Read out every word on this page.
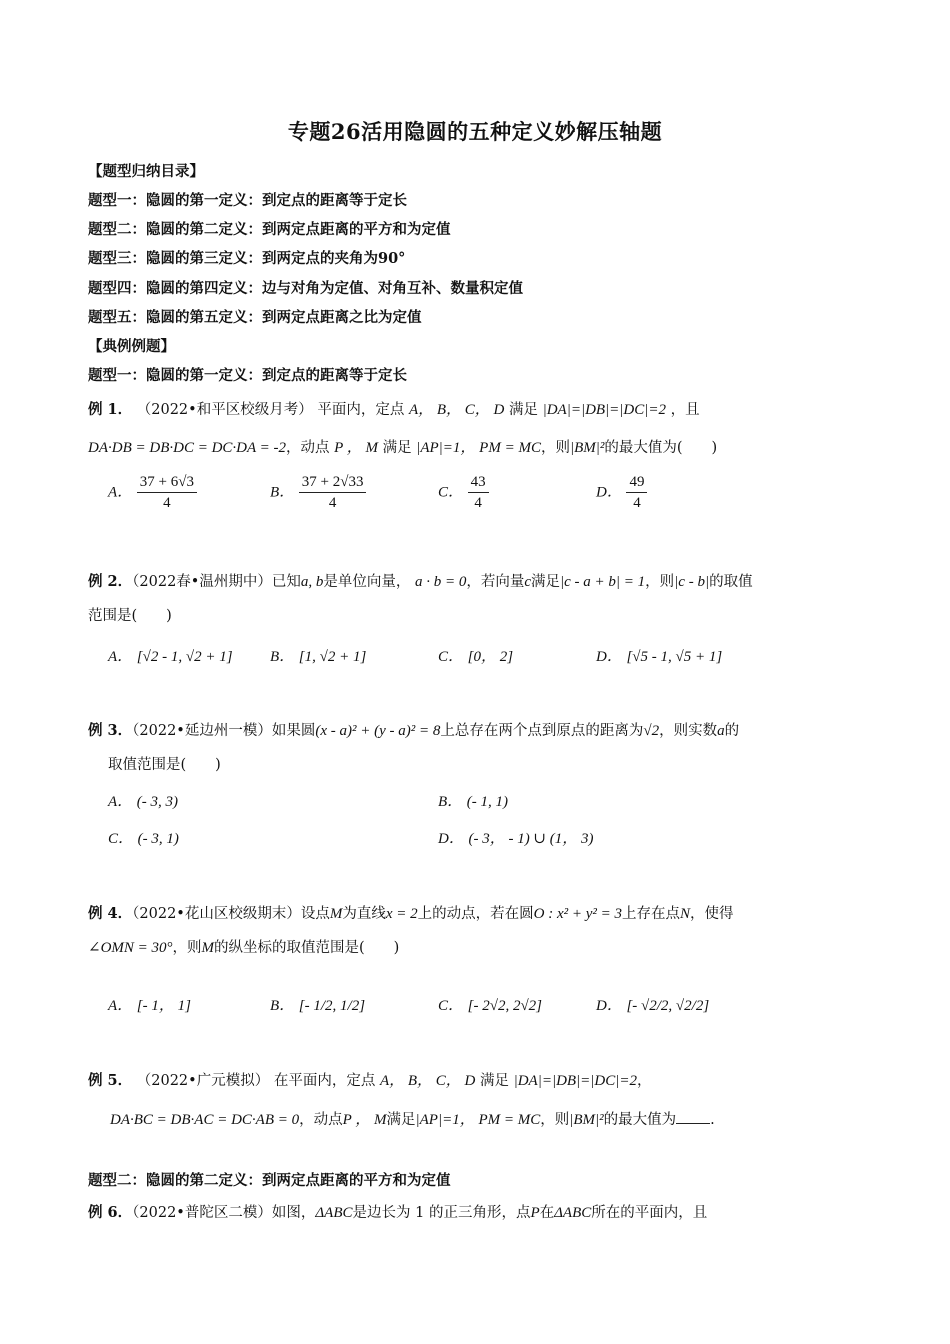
专题26活用隐圆的五种定义妙解压轴题
【题型归纳目录】
题型一：隐圆的第一定义：到定点的距离等于定长
题型二：隐圆的第二定义：到两定点距离的平方和为定值
题型三：隐圆的第三定义：到两定点的夹角为90°
题型四：隐圆的第四定义：边与对角为定值、对角互补、数量积定值
题型五：隐圆的第五定义：到两定点距离之比为定值
【典例例题】
题型一：隐圆的第一定义：到定点的距离等于定长
例 1． （2022•和平区校级月考） 平面内，定点 A， B， C， D 满足 |DA|=|DB|=|DC|=2 ，且
DA·DB = DB·DC = DC·DA = -2，动点 P ， M 满足 |AP|=1， PM = MC，则|BM|²的最大值为(　　)
A． $\frac{37 + 6√3}{4}$	B． $\frac{37 + 2√33}{4}$	C． $\frac{43}{4}$	D． $\frac{49}{4}$
例 2．（2022春•温州期中）已知a, b是单位向量， a · b = 0，若向量c满足|c - a + b| = 1，则|c - b|的取值
范围是(　　)
A． [√2 - 1, √2 + 1] B． [1, √2 + 1]	C． [0， 2]	D． [√5 - 1, √5 + 1]
例 3．（2022•延边州一模）如果圆(x - a)² + (y - a)² = 8上总存在两个点到原点的距离为√2，则实数a的
取值范围是(　　)
A． (- 3, 3)	B． (- 1, 1)
C． (- 3, 1)	D． (- 3， - 1) ∪ (1， 3)
例 4．（2022•花山区校级期末）设点M为直线x = 2上的动点，若在圆O : x² + y² = 3上存在点N，使得
∠OMN = 30°，则M的纵坐标的取值范围是(　　)
A． [- 1， 1]	B． [- 1/2, 1/2]	C． [- 2√2, 2√2]	D． [- √2/2, √2/2]
例 5． （2022•广元模拟） 在平面内，定点 A， B， C， D 满足 |DA|=|DB|=|DC|=2，
DA·BC = DB·AC = DC·AB = 0，动点P ， M满足|AP|=1， PM = MC，则|BM|²的最大值为 .
题型二：隐圆的第二定义：到两定点距离的平方和为定值
例 6．（2022•普陀区二模）如图，ΔABC是边长为 1 的正三角形，点P在ΔABC所在的平面内，且
